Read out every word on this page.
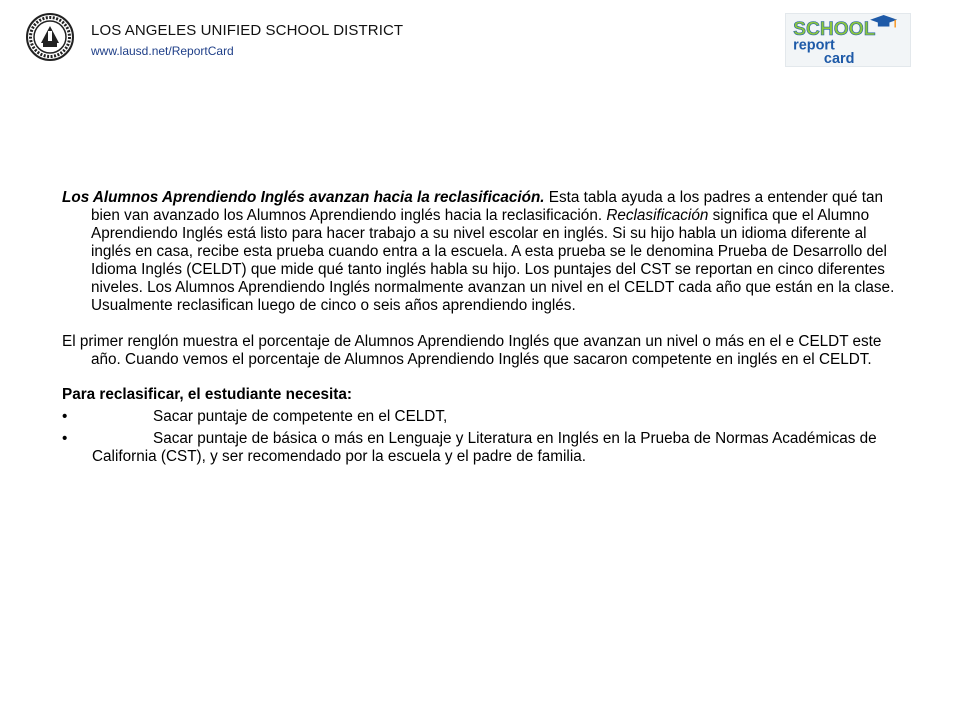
LOS ANGELES UNIFIED SCHOOL DISTRICT
www.lausd.net/ReportCard
SCHOOL
report
card

Los Alumnos Aprendiendo Inglés avanzan hacia la reclasificación. Esta tabla ayuda a los padres a entender qué tan bien van avanzado los Alumnos Aprendiendo inglés hacia la reclasificación. Reclasificación significa que el Alumno Aprendiendo Inglés está listo para hacer trabajo a su nivel escolar en inglés. Si su hijo habla un idioma diferente al inglés en casa, recibe esta prueba cuando entra a la escuela. A esta prueba se le denomina Prueba de Desarrollo del Idioma Inglés (CELDT) que mide qué tanto inglés habla su hijo. Los puntajes del CST se reportan en cinco diferentes niveles. Los Alumnos Aprendiendo Inglés normalmente avanzan un nivel en el CELDT cada año que están en la clase. Usualmente reclasifican luego de cinco o seis años aprendiendo inglés.

El primer renglón muestra el porcentaje de Alumnos Aprendiendo Inglés que avanzan un nivel o más en el e CELDT este año. Cuando vemos el porcentaje de Alumnos Aprendiendo Inglés que sacaron competente en inglés en el CELDT.

Para reclasificar, el estudiante necesita:

•	Sacar puntaje de competente en el CELDT,
•	Sacar puntaje de básica o más en Lenguaje y Literatura en Inglés en la Prueba de Normas Académicas de California (CST), y ser recomendado por la escuela y el padre de familia.
